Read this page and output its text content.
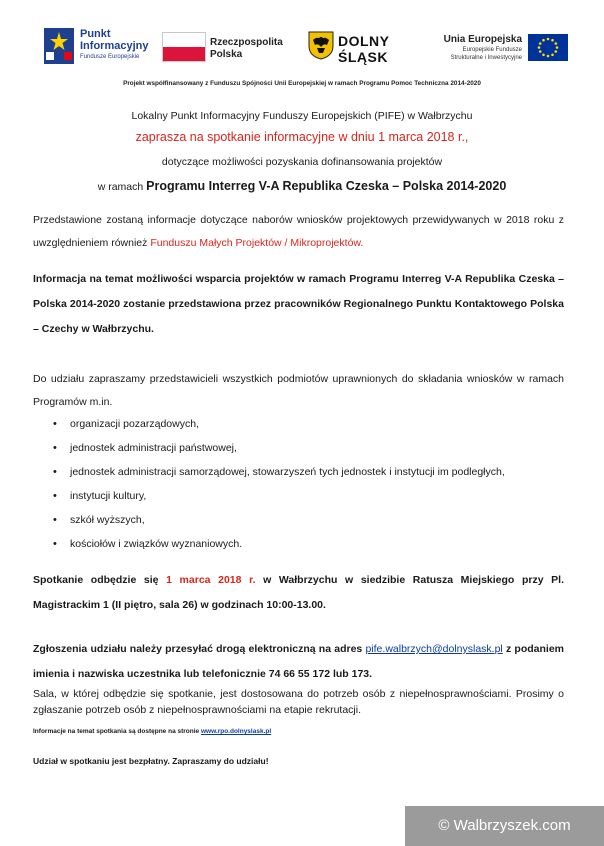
Punkt
Informacyjny
Fundusze Europejskie
Rzeczpospolita
Polska
DOLNY
ŚLĄSK
Unia Europejska
Europejskie Fundusze
Strukturalne i Inwestycyjne
Projekt współfinansowany z Funduszu Spójności Unii Europejskiej w ramach Programu Pomoc Techniczna 2014-2020
Lokalny Punkt Informacyjny Funduszy Europejskich (PIFE) w Wałbrzychu
zaprasza na spotkanie informacyjne w dniu 1 marca 2018 r.,
dotyczące możliwości pozyskania dofinansowania projektów
w ramach Programu Interreg V-A Republika Czeska – Polska 2014-2020
Przedstawione zostaną informacje dotyczące naborów wniosków projektowych przewidywanych w 2018 roku z uwzględnieniem również Funduszu Małych Projektów / Mikroprojektów.
Informacja na temat możliwości wsparcia projektów w ramach Programu Interreg V-A Republika Czeska – Polska 2014-2020 zostanie przedstawiona przez pracowników Regionalnego Punktu Kontaktowego Polska – Czechy w Wałbrzychu.
Do udziału zapraszamy przedstawicieli wszystkich podmiotów uprawnionych do składania wniosków w ramach Programów m.in.
• organizacji pozarządowych,
• jednostek administracji państwowej,
• jednostek administracji samorządowej, stowarzyszeń tych jednostek i instytucji im podległych,
• instytucji kultury,
• szkół wyższych,
• kościołów i związków wyznaniowych.
Spotkanie odbędzie się 1 marca 2018 r. w Wałbrzychu w siedzibie Ratusza Miejskiego przy Pl. Magistrackim 1 (II piętro, sala 26) w godzinach 10:00-13.00.
Zgłoszenia udziału należy przesyłać drogą elektroniczną na adres pife.walbrzych@dolnyslask.pl z podaniem imienia i nazwiska uczestnika lub telefonicznie 74 66 55 172 lub 173.
Sala, w której odbędzie się spotkanie, jest dostosowana do potrzeb osób z niepełnosprawnościami. Prosimy o zgłaszanie potrzeb osób z niepełnosprawnościami na etapie rekrutacji.
Informacje na temat spotkania są dostępne na stronie www.rpo.dolnyslask.pl
Udział w spotkaniu jest bezpłatny. Zapraszamy do udziału!
© Walbrzyszek.com
